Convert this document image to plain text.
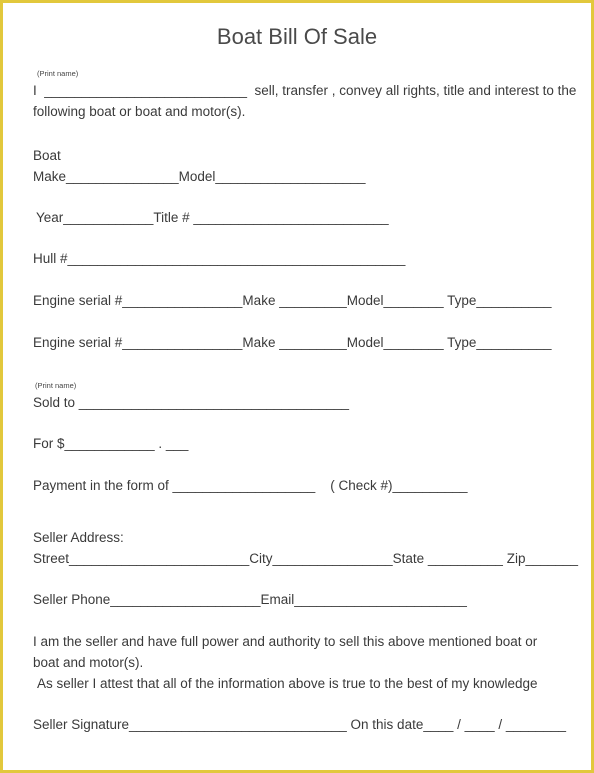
Boat Bill Of Sale
(Print name)
I  ___________________________  sell, transfer , convey all rights, title and interest to the
following boat or boat and motor(s).
Boat
Make_______________Model____________________
Year____________Title # __________________________
Hull #_____________________________________________
Engine serial #________________Make _________Model________ Type__________
Engine serial #________________Make _________Model________ Type__________
(Print name)
Sold to ____________________________________
For $____________ . ___
Payment in the form of ___________________    ( Check #)__________
Seller Address:
Street________________________City________________State __________ Zip_______
Seller Phone____________________Email_______________________
I am the seller and have full power and authority to sell this above mentioned boat or
boat and motor(s).
As seller I attest that all of the information above is true to the best of my knowledge
Seller Signature_____________________________ On this date____ / ____ / ________
